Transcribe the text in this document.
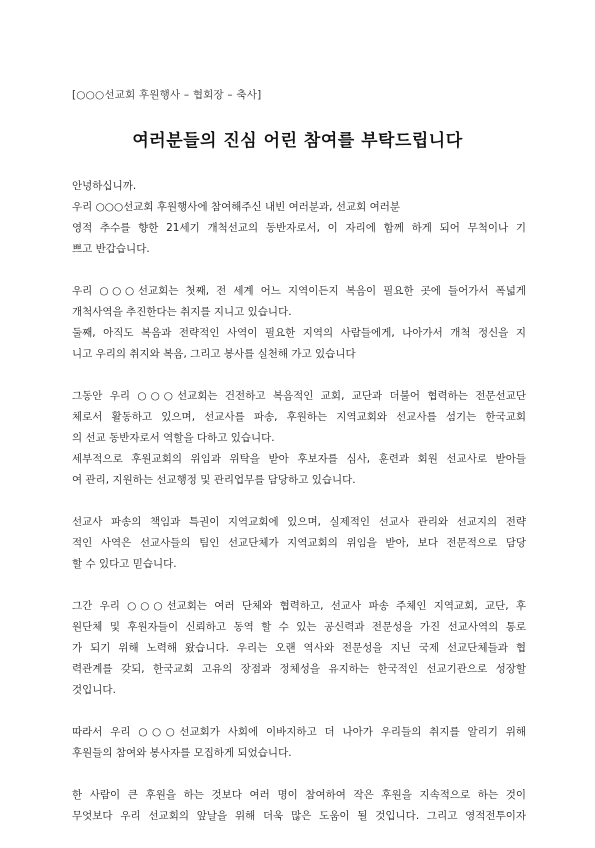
[○○○선교회 후원행사 – 협회장 – 축사]
여러분들의 진심 어린 참여를 부탁드립니다
안녕하십니까.
우리 ○○○선교회 후원행사에 참여해주신 내빈 여러분과, 선교회 여러분
영적 추수를 향한 21세기 개척선교의 동반자로서, 이 자리에 함께 하게 되어 무척이나 기
쁘고 반갑습니다.
우리 ○○○선교회는 첫째, 전 세계 어느 지역이든지 복음이 필요한 곳에 들어가서 폭넓게
개척사역을 추진한다는 취지를 지니고 있습니다.
둘째, 아직도 복음과 전략적인 사역이 필요한 지역의 사람들에게, 나아가서 개척 정신을 지
니고 우리의 취지와 복음, 그리고 봉사를 실천해 가고 있습니다
그동안 우리 ○○○선교회는 건전하고 복음적인 교회, 교단과 더불어 협력하는 전문선교단
체로서 활동하고 있으며, 선교사를 파송, 후원하는 지역교회와 선교사를 섬기는 한국교회
의 선교 동반자로서 역할을 다하고 있습니다.
세부적으로 후원교회의 위임과 위탁을 받아 후보자를 심사, 훈련과 회원 선교사로 받아들
여 관리, 지원하는 선교행정 및 관리업무를 담당하고 있습니다.
선교사 파송의 책임과 특권이 지역교회에 있으며, 실제적인 선교사 관리와 선교지의 전략
적인 사역은 선교사들의 팀인 선교단체가 지역교회의 위임을 받아, 보다 전문적으로 담당
할 수 있다고 믿습니다.
그간 우리 ○○○선교회는 여러 단체와 협력하고, 선교사 파송 주체인 지역교회, 교단, 후
원단체 및 후원자들이 신뢰하고 동역 할 수 있는 공신력과 전문성을 가진 선교사역의 통로
가 되기 위해 노력해 왔습니다. 우리는 오랜 역사와 전문성을 지닌 국제 선교단체들과 협
력관계를 갖되, 한국교회 고유의 장점과 정체성을 유지하는 한국적인 선교기관으로 성장할
것입니다.
따라서 우리 ○○○선교회가 사회에 이바지하고 더 나아가 우리들의 취지를 알리기 위해
후원들의 참여와 봉사자를 모집하게 되었습니다.
한 사람이 큰 후원을 하는 것보다 여러 명이 참여하여 작은 후원을 지속적으로 하는 것이
무엇보다 우리 선교회의 앞날을 위해 더욱 많은 도움이 될 것입니다. 그리고 영적전투이자
